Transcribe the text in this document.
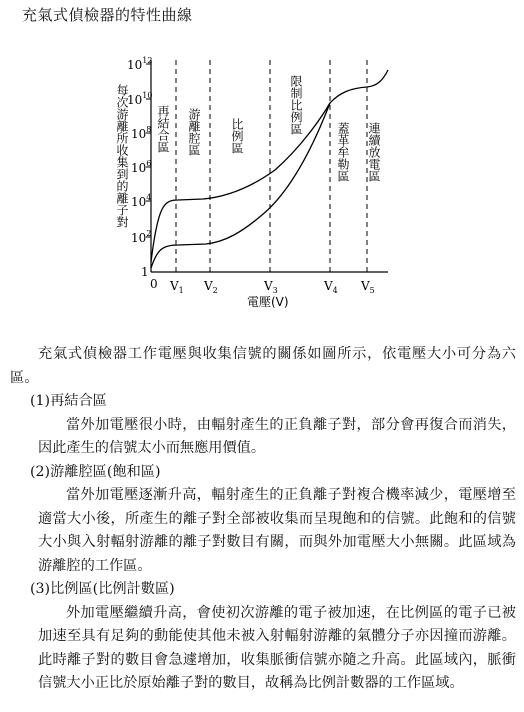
充氣式偵檢器的特性曲線
每次游離所收集到的離子對
$10^{12}$
$10^{10}$
$10^8$
$10^6$
$10^4$
$10^2$
1
0 $V_1$ $V_2$	$V_3$	$V_4$ $V_5$
電壓(V)
再結合區 游離腔區 比例區
限制比例區
蓋革牟勒區 連續放電區

充氣式偵檢器工作電壓與收集信號的關係如圖所示，依電壓大小可分為六區。

(1)再結合區

當外加電壓很小時，由輻射產生的正負離子對，部分會再復合而消失，因此產生的信號太小而無應用價值。

(2)游離腔區(飽和區)

當外加電壓逐漸升高，輻射產生的正負離子對複合機率減少，電壓增至適當大小後，所產生的離子對全部被收集而呈現飽和的信號。此飽和的信號大小與入射輻射游離的離子對數目有關，而與外加電壓大小無關。此區域為游離腔的工作區。

(3)比例區(比例計數區)

外加電壓繼續升高，會使初次游離的電子被加速，在比例區的電子已被加速至具有足夠的動能使其他未被入射輻射游離的氣體分子亦因撞而游離。此時離子對的數目會急遽增加，收集脈衝信號亦隨之升高。此區域內，脈衝信號大小正比於原始離子對的數目，故稱為比例計數器的工作區域。
